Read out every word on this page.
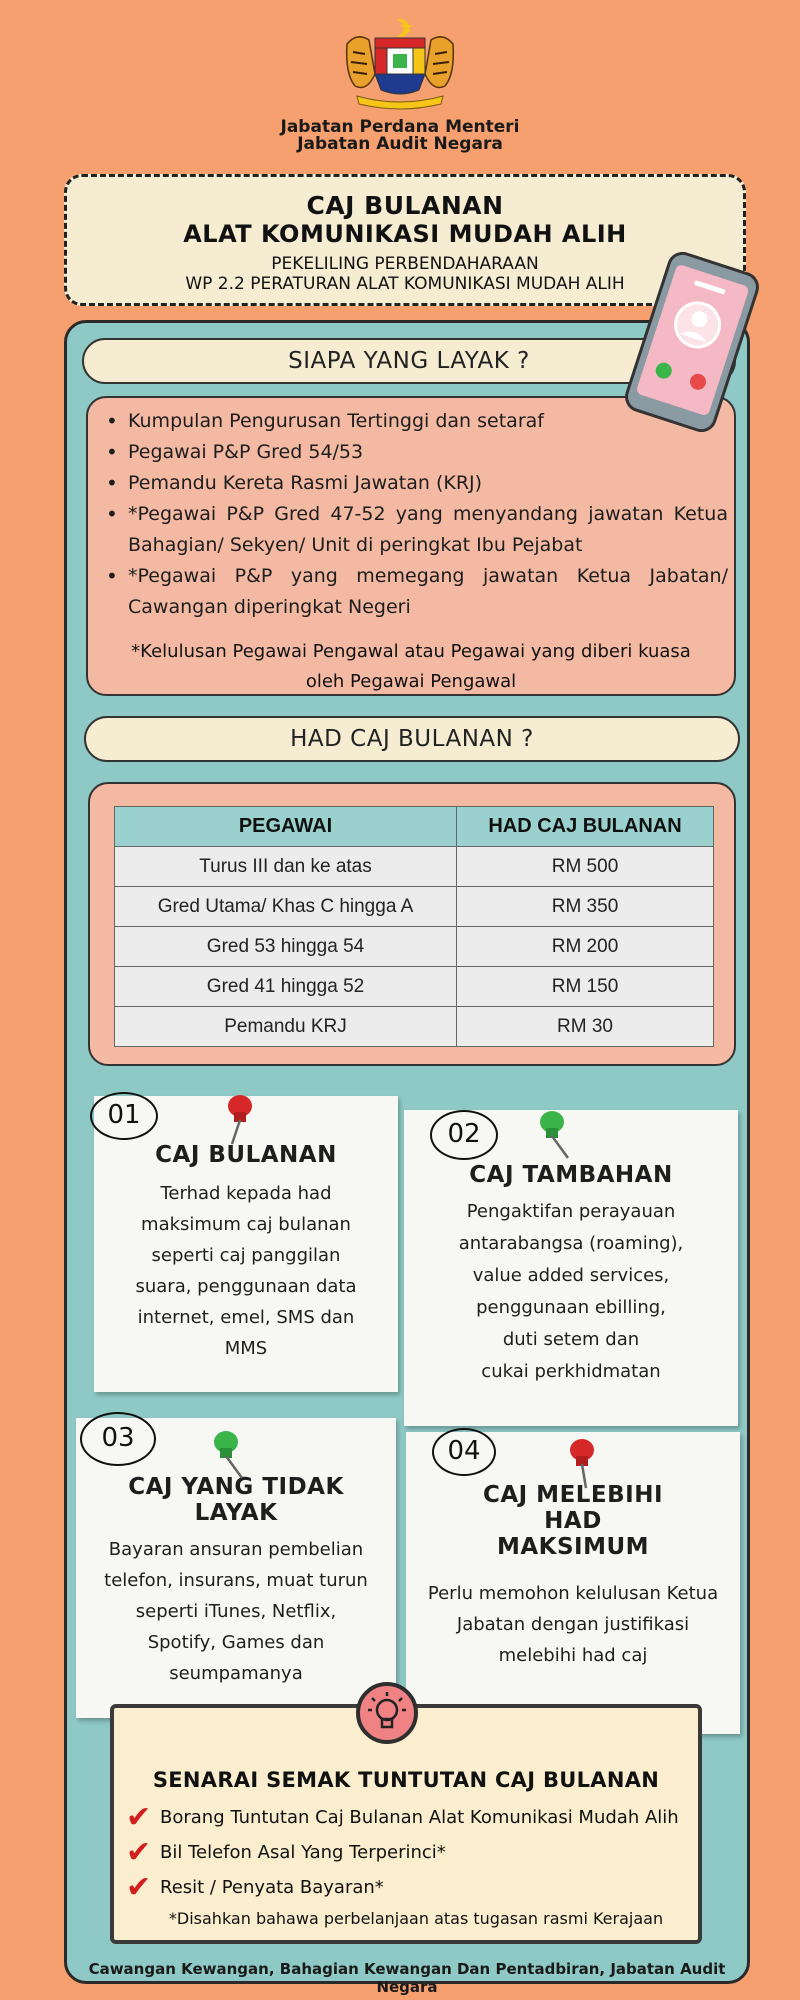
Jabatan Perdana Menteri
Jabatan Audit Negara
CAJ BULANAN
ALAT KOMUNIKASI MUDAH ALIH
PEKELILING PERBENDAHARAAN
WP 2.2 PERATURAN ALAT KOMUNIKASI MUDAH ALIH
SIAPA YANG LAYAK ?
• Kumpulan Pengurusan Tertinggi dan setaraf
• Pegawai P&P Gred 54/53
• Pemandu Kereta Rasmi Jawatan (KRJ)
• *Pegawai P&P Gred 47-52 yang menyandang jawatan Ketua Bahagian/ Sekyen/ Unit di peringkat Ibu Pejabat
• *Pegawai P&P yang memegang jawatan Ketua Jabatan/ Cawangan diperingkat Negeri
*Kelulusan Pegawai Pengawal atau Pegawai yang diberi kuasa oleh Pegawai Pengawal
HAD CAJ BULANAN ?
PEGAWAI	HAD CAJ BULANAN
Turus III dan ke atas	RM 500
Gred Utama/ Khas C hingga A	RM 350
Gred 53 hingga 54	RM 200
Gred 41 hingga 52	RM 150
Pemandu KRJ	RM 30
CAJ BULANAN
Terhad kepada had
maksimum caj bulanan
seperti caj panggilan
suara, penggunaan data
internet, emel, SMS dan
MMS
01
CAJ TAMBAHAN
Pengaktifan perayauan
antarabangsa (roaming),
value added services,
penggunaan ebilling,
duti setem dan
cukai perkhidmatan
02
CAJ YANG TIDAK LAYAK
Bayaran ansuran pembelian
telefon, insurans, muat turun
seperti iTunes, Netflix,
Spotify, Games dan
seumpamanya
03
CAJ MELEBIHI HAD MAKSIMUM
Perlu memohon kelulusan Ketua
Jabatan dengan justifikasi
melebihi had caj
04
SENARAI SEMAK TUNTUTAN CAJ BULANAN
✔ Borang Tuntutan Caj Bulanan Alat Komunikasi Mudah Alih
✔ Bil Telefon Asal Yang Terperinci*
✔ Resit / Penyata Bayaran*
*Disahkan bahawa perbelanjaan atas tugasan rasmi Kerajaan
Cawangan Kewangan, Bahagian Kewangan Dan Pentadbiran, Jabatan Audit Negara
